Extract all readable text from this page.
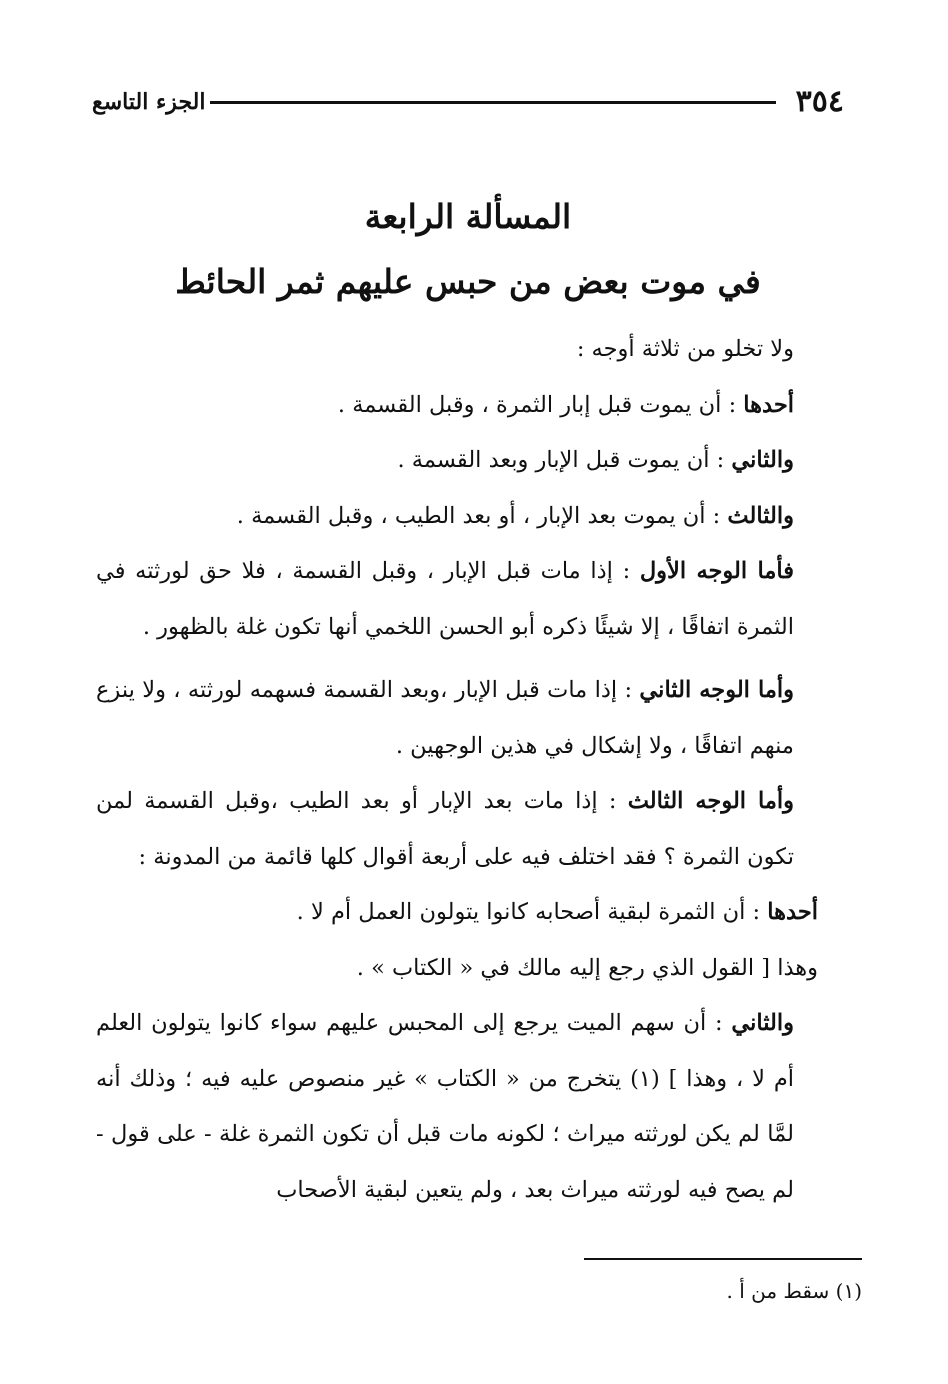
٣٥٤
الجزء التاسع
المسألة الرابعة
في موت بعض من حبس عليهم ثمر الحائط

ولا تخلو من ثلاثة أوجه :

أحدها : أن يموت قبل إبار الثمرة ، وقبل القسمة .

والثاني : أن يموت قبل الإبار وبعد القسمة .

والثالث : أن يموت بعد الإبار ، أو بعد الطيب ، وقبل القسمة .

فأما الوجه الأول : إذا مات قبل الإبار ، وقبل القسمة ، فلا حق لورثته في الثمرة اتفاقًا ، إلا شيئًا ذكره أبو الحسن اللخمي أنها تكون غلة بالظهور .

وأما الوجه الثاني : إذا مات قبل الإبار ،وبعد القسمة فسهمه لورثته ، ولا ينزع منهم اتفاقًا ، ولا إشكال في هذين الوجهين .

وأما الوجه الثالث : إذا مات بعد الإبار أو بعد الطيب ،وقبل القسمة لمن تكون الثمرة ؟ فقد اختلف فيه على أربعة أقوال كلها قائمة من المدونة :

أحدها : أن الثمرة لبقية أصحابه كانوا يتولون العمل أم لا .

وهذا [ القول الذي رجع إليه مالك في « الكتاب » .

والثاني : أن سهم الميت يرجع إلى المحبس عليهم سواء كانوا يتولون العلم أم لا ، وهذا ] (١) يتخرج من « الكتاب » غير منصوص عليه فيه ؛ وذلك أنه لمَّا لم يكن لورثته ميراث ؛ لكونه مات قبل أن تكون الثمرة غلة - على قول - لم يصح فيه لورثته ميراث بعد ، ولم يتعين لبقية الأصحاب

(١) سقط من أ .
